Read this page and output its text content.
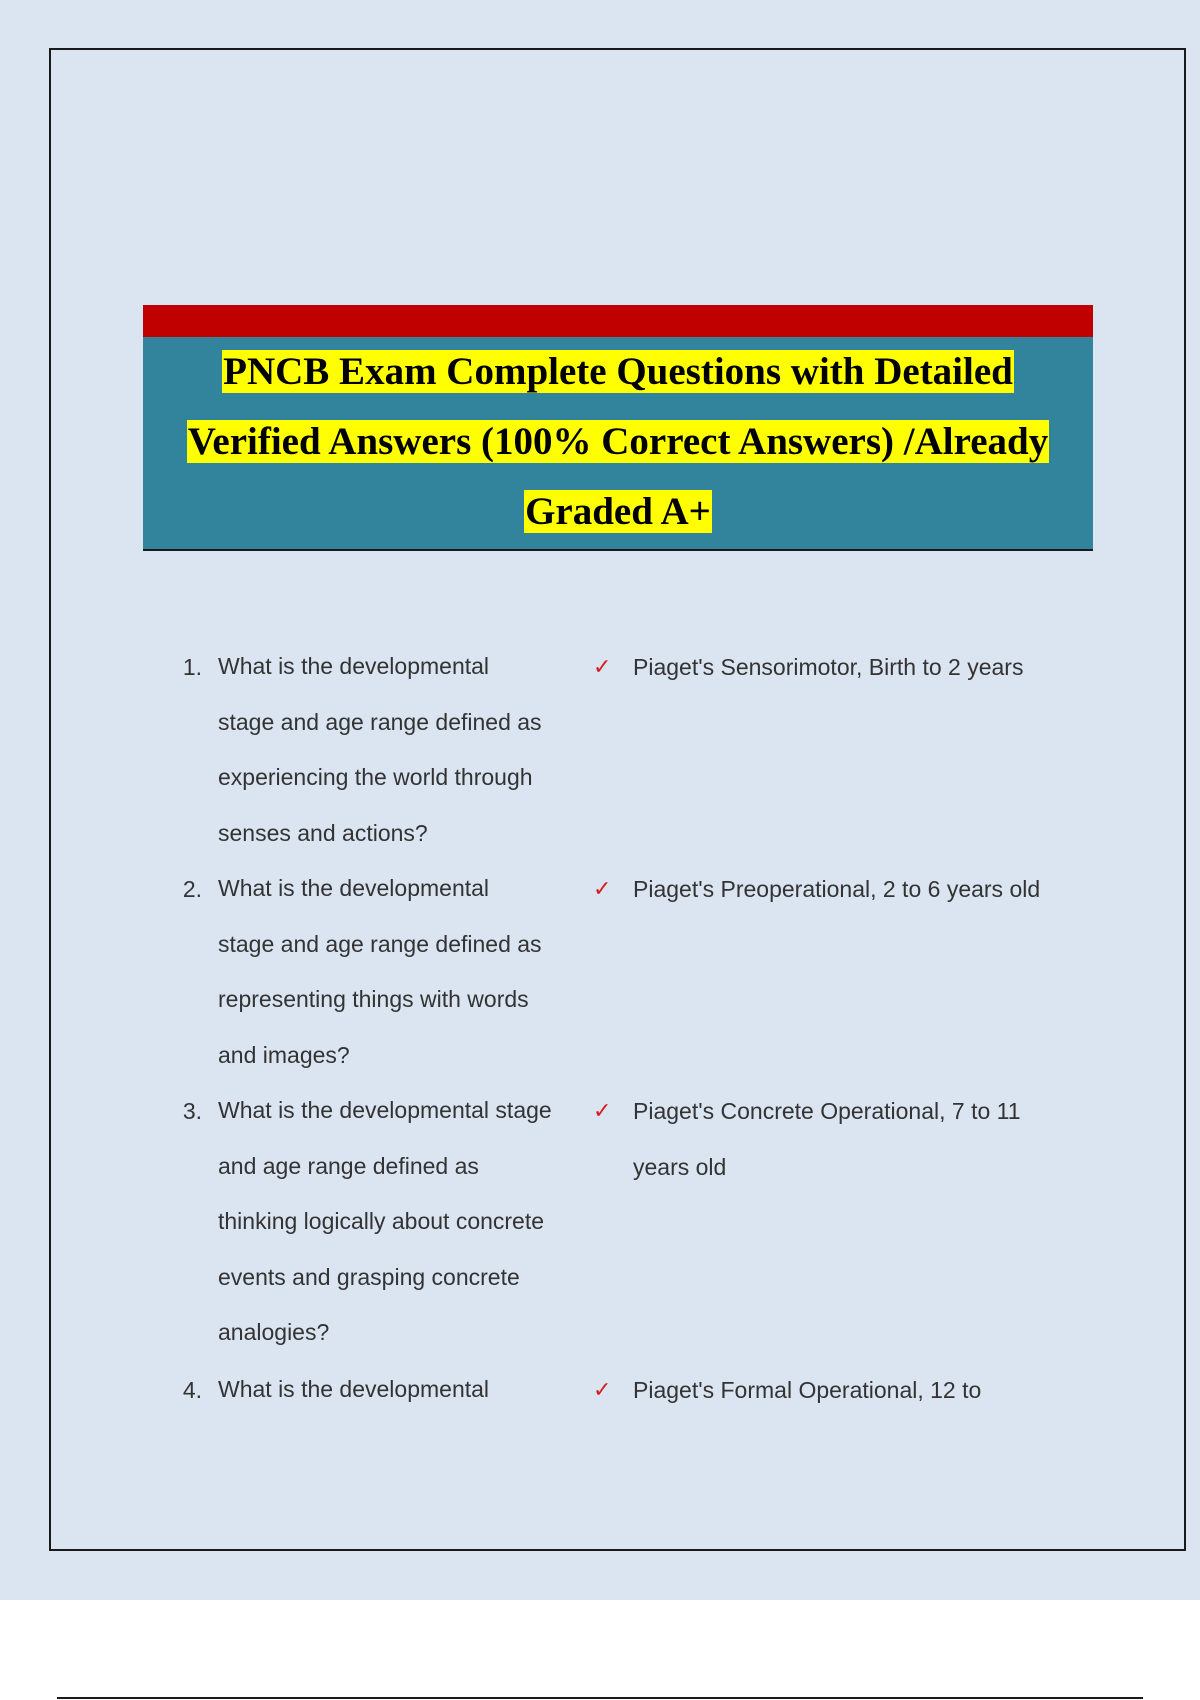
PNCB Exam Complete Questions with Detailed
Verified Answers (100% Correct Answers) /Already
Graded A+
1. What is the developmental stage and age range defined as experiencing the world through senses and actions?
✓ Piaget's Sensorimotor, Birth to 2 years
2. What is the developmental stage and age range defined as representing things with words and images?
✓ Piaget's Preoperational, 2 to 6 years old
3. What is the developmental stage and age range defined as thinking logically about concrete events and grasping concrete analogies?
✓ Piaget's Concrete Operational, 7 to 11 years old
4. What is the developmental	✓ Piaget's Formal Operational, 12 to
